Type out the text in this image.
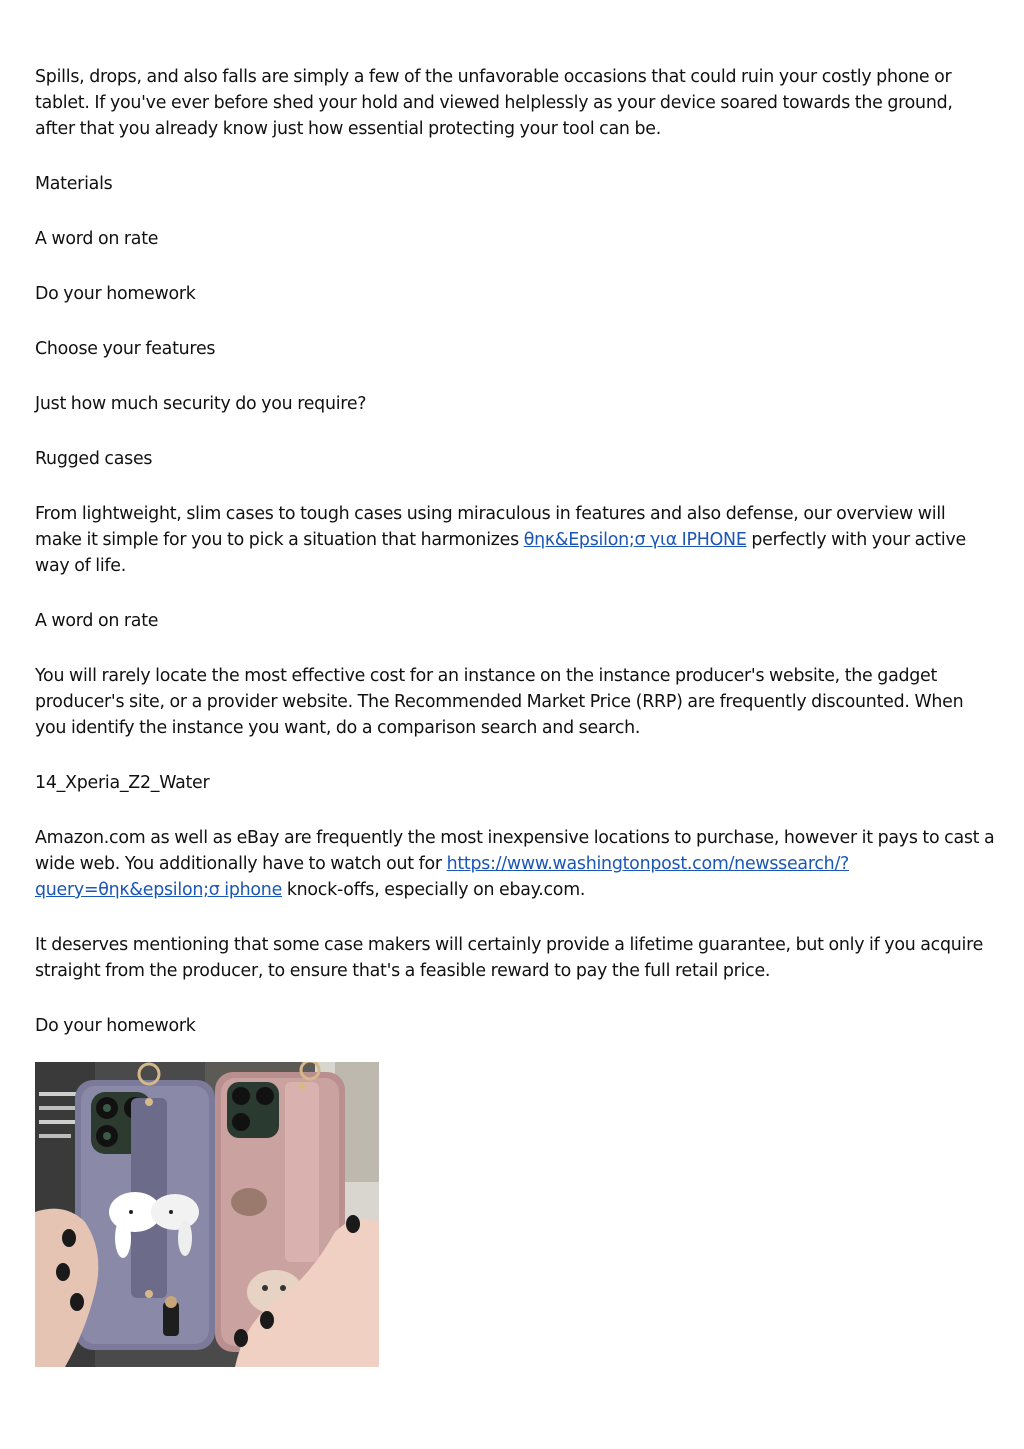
Spills, drops, and also falls are simply a few of the unfavorable occasions that could ruin your costly phone or tablet. If you've ever before shed your hold and viewed helplessly as your device soared towards the ground, after that you already know just how essential protecting your tool can be.

Materials

A word on rate

Do your homework

Choose your features

Just how much security do you require?

Rugged cases

From lightweight, slim cases to tough cases using miraculous in features and also defense, our overview will make it simple for you to pick a situation that harmonizes θηκ&Epsilon;σ για IPHONE perfectly with your active way of life.

A word on rate

You will rarely locate the most effective cost for an instance on the instance producer's website, the gadget producer's site, or a provider website. The Recommended Market Price (RRP) are frequently discounted. When you identify the instance you want, do a comparison search and search.

14_Xperia_Z2_Water

Amazon.com as well as eBay are frequently the most inexpensive locations to purchase, however it pays to cast a wide web. You additionally have to watch out for https://www.washingtonpost.com/newssearch/?query=θηκ&epsilon;σ iphone knock-offs, especially on ebay.com.

It deserves mentioning that some case makers will certainly provide a lifetime guarantee, but only if you acquire straight from the producer, to ensure that's a feasible reward to pay the full retail price.

Do your homework
